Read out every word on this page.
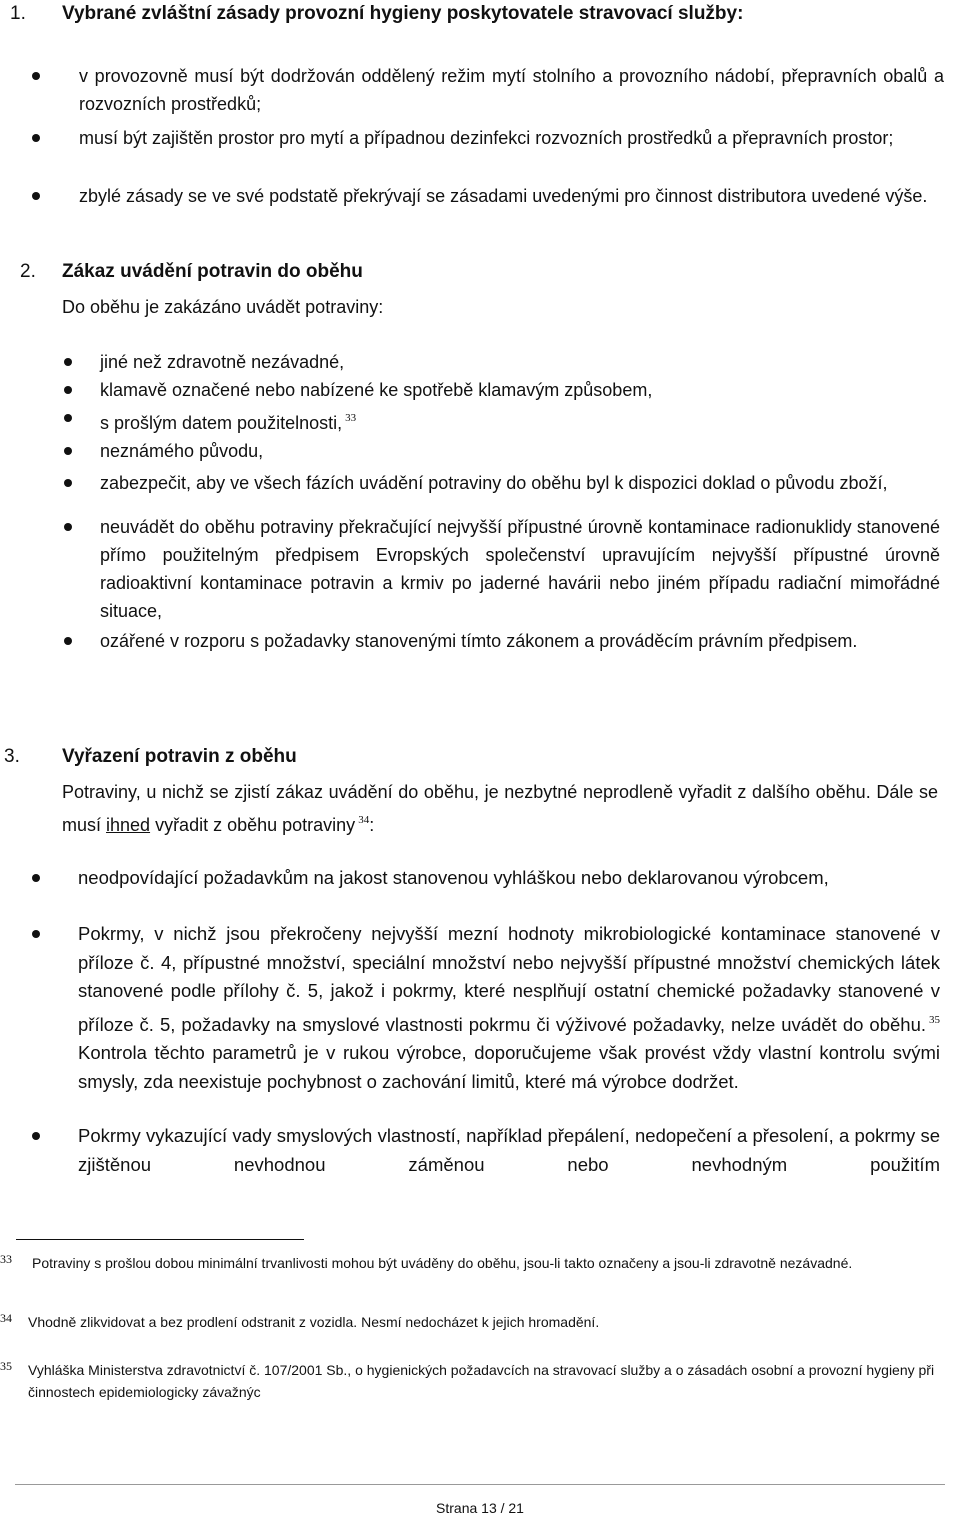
1. Vybrané zvláštní zásady provozní hygieny poskytovatele stravovací služby:
v provozovně musí být dodržován oddělený režim mytí stolního a provozního nádobí, přepravních obalů a rozvozních prostředků;
musí být zajištěn prostor pro mytí a případnou dezinfekci rozvozních prostředků a přepravních prostor;
zbylé zásady se ve své podstatě překrývají se zásadami uvedenými pro činnost distributora uvedené výše.
2. Zákaz uvádění potravin do oběhu
Do oběhu je zakázáno uvádět potraviny:
jiné než zdravotně nezávadné,
klamavě označené nebo nabízené ke spotřebě klamavým způsobem,
s prošlým datem použitelnosti, $^{33}$
neznámého původu,
zabezpečit, aby ve všech fázích uvádění potraviny do oběhu byl k dispozici doklad o původu zboží,
neuvádět do oběhu potraviny překračující nejvyšší přípustné úrovně kontaminace radionuklidy stanovené přímo použitelným předpisem Evropských společenství upravujícím nejvyšší přípustné úrovně radioaktivní kontaminace potravin a krmiv po jaderné havárii nebo jiném případu radiační mimořádné situace,
ozářené v rozporu s požadavky stanovenými tímto zákonem a prováděcím právním předpisem.
3. Vyřazení potravin z oběhu
Potraviny, u nichž se zjistí zákaz uvádění do oběhu, je nezbytné neprodleně vyřadit z dalšího oběhu. Dále se musí ihned vyřadit z oběhu potraviny $^{34}$:
neodpovídající požadavkům na jakost stanovenou vyhláškou nebo deklarovanou výrobcem,
Pokrmy, v nichž jsou překročeny nejvyšší mezní hodnoty mikrobiologické kontaminace stanovené v příloze č. 4, přípustné množství, speciální množství nebo nejvyšší přípustné množství chemických látek stanovené podle přílohy č. 5, jakož i pokrmy, které nesplňují ostatní chemické požadavky stanovené v příloze č. 5, požadavky na smyslové vlastnosti pokrmu či výživové požadavky, nelze uvádět do oběhu. $^{35}$ Kontrola těchto parametrů je v rukou výrobce, doporučujeme však provést vždy vlastní kontrolu svými smysly, zda neexistuje pochybnost o zachování limitů, které má výrobce dodržet.
Pokrmy vykazující vady smyslových vlastností, například přepálení, nedopečení a přesolení, a pokrmy se zjištěnou nevhodnou záměnou nebo nevhodným použitím
33 Potraviny s prošlou dobou minimální trvanlivosti mohou být uváděny do oběhu, jsou-li takto označeny a jsou-li zdravotně nezávadné.
34 Vhodně zlikvidovat a bez prodlení odstranit z vozidla. Nesmí nedocházet k jejich hromadění.
35 Vyhláška Ministerstva zdravotnictví č. 107/2001 Sb., o hygienických požadavcích na stravovací služby a o zásadách osobní a provozní hygieny při činnostech epidemiologicky závažnýc
Strana 13 / 21
